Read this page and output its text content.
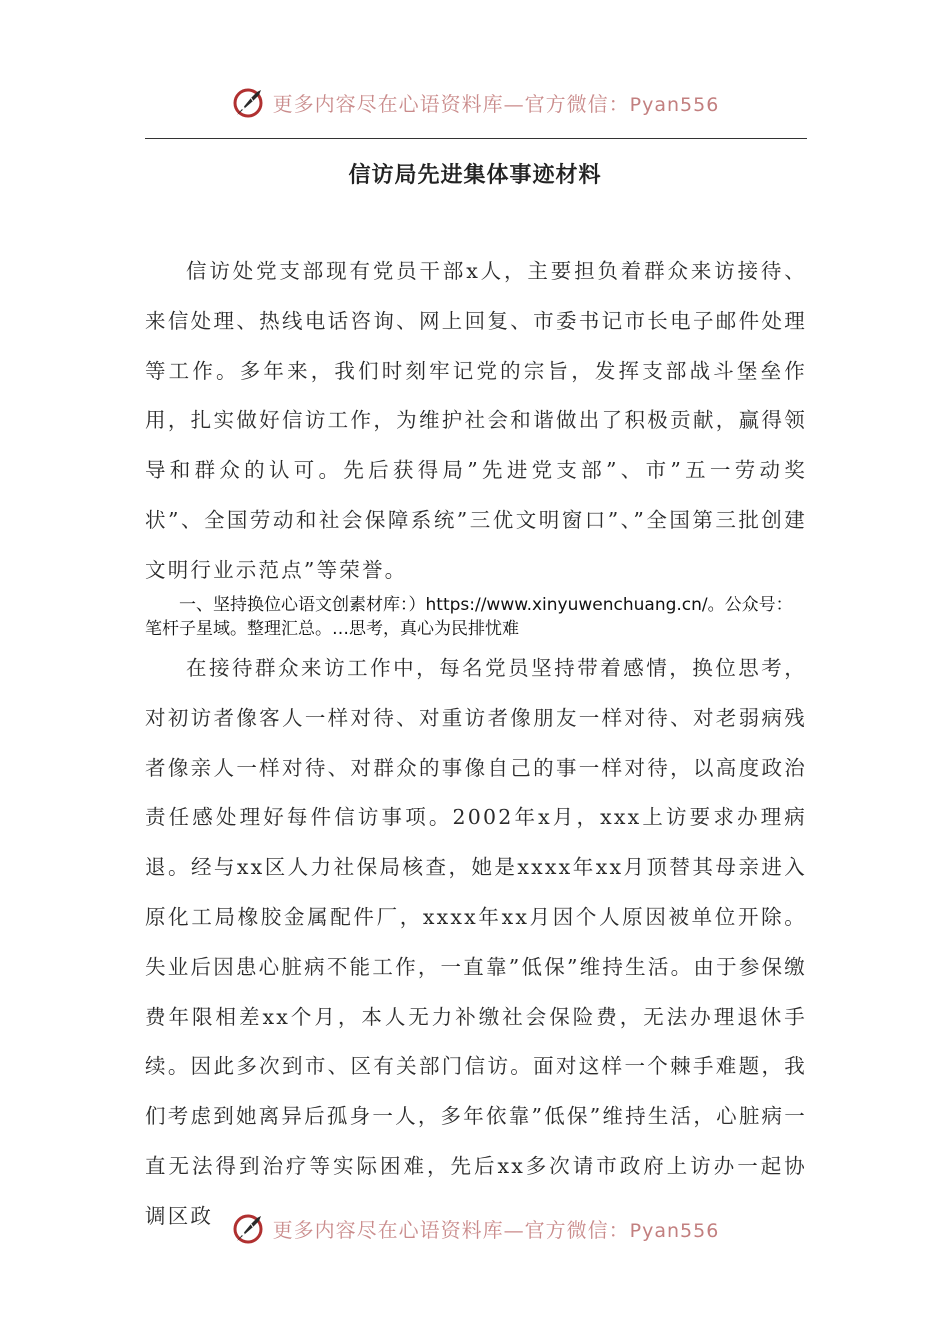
更多内容尽在心语资料库—官方微信：Pyan556
信访局先进集体事迹材料

信访处党支部现有党员干部x人，主要担负着群众来访接待、来信处理、热线电话咨询、网上回复、市委书记市长电子邮件处理等工作。多年来，我们时刻牢记党的宗旨，发挥支部战斗堡垒作用，扎实做好信访工作，为维护社会和谐做出了积极贡献，赢得领导和群众的认可。先后获得局”先进党支部”、市”五一劳动奖状”、全国劳动和社会保障系统”三优文明窗口”、”全国第三批创建文明行业示范点”等荣誉。

一、坚持换位心语文创素材库：）https://www.xinyuwenchuang.cn/。公众号：笔杆子星域。整理汇总。…思考，真心为民排忧难

在接待群众来访工作中，每名党员坚持带着感情，换位思考，对初访者像客人一样对待、对重访者像朋友一样对待、对老弱病残者像亲人一样对待、对群众的事像自己的事一样对待，以高度政治责任感处理好每件信访事项。2002年x月，xxx上访要求办理病退。经与xx区人力社保局核查，她是xxxx年xx月顶替其母亲进入原化工局橡胶金属配件厂，xxxx年xx月因个人原因被单位开除。失业后因患心脏病不能工作，一直靠”低保”维持生活。由于参保缴费年限相差xx个月，本人无力补缴社会保险费，无法办理退休手续。因此多次到市、区有关部门信访。面对这样一个棘手难题，我们考虑到她离异后孤身一人，多年依靠”低保”维持生活，心脏病一直无法得到治疗等实际困难，先后xx多次请市政府上访办一起协调区政

更多内容尽在心语资料库—官方微信：Pyan556
